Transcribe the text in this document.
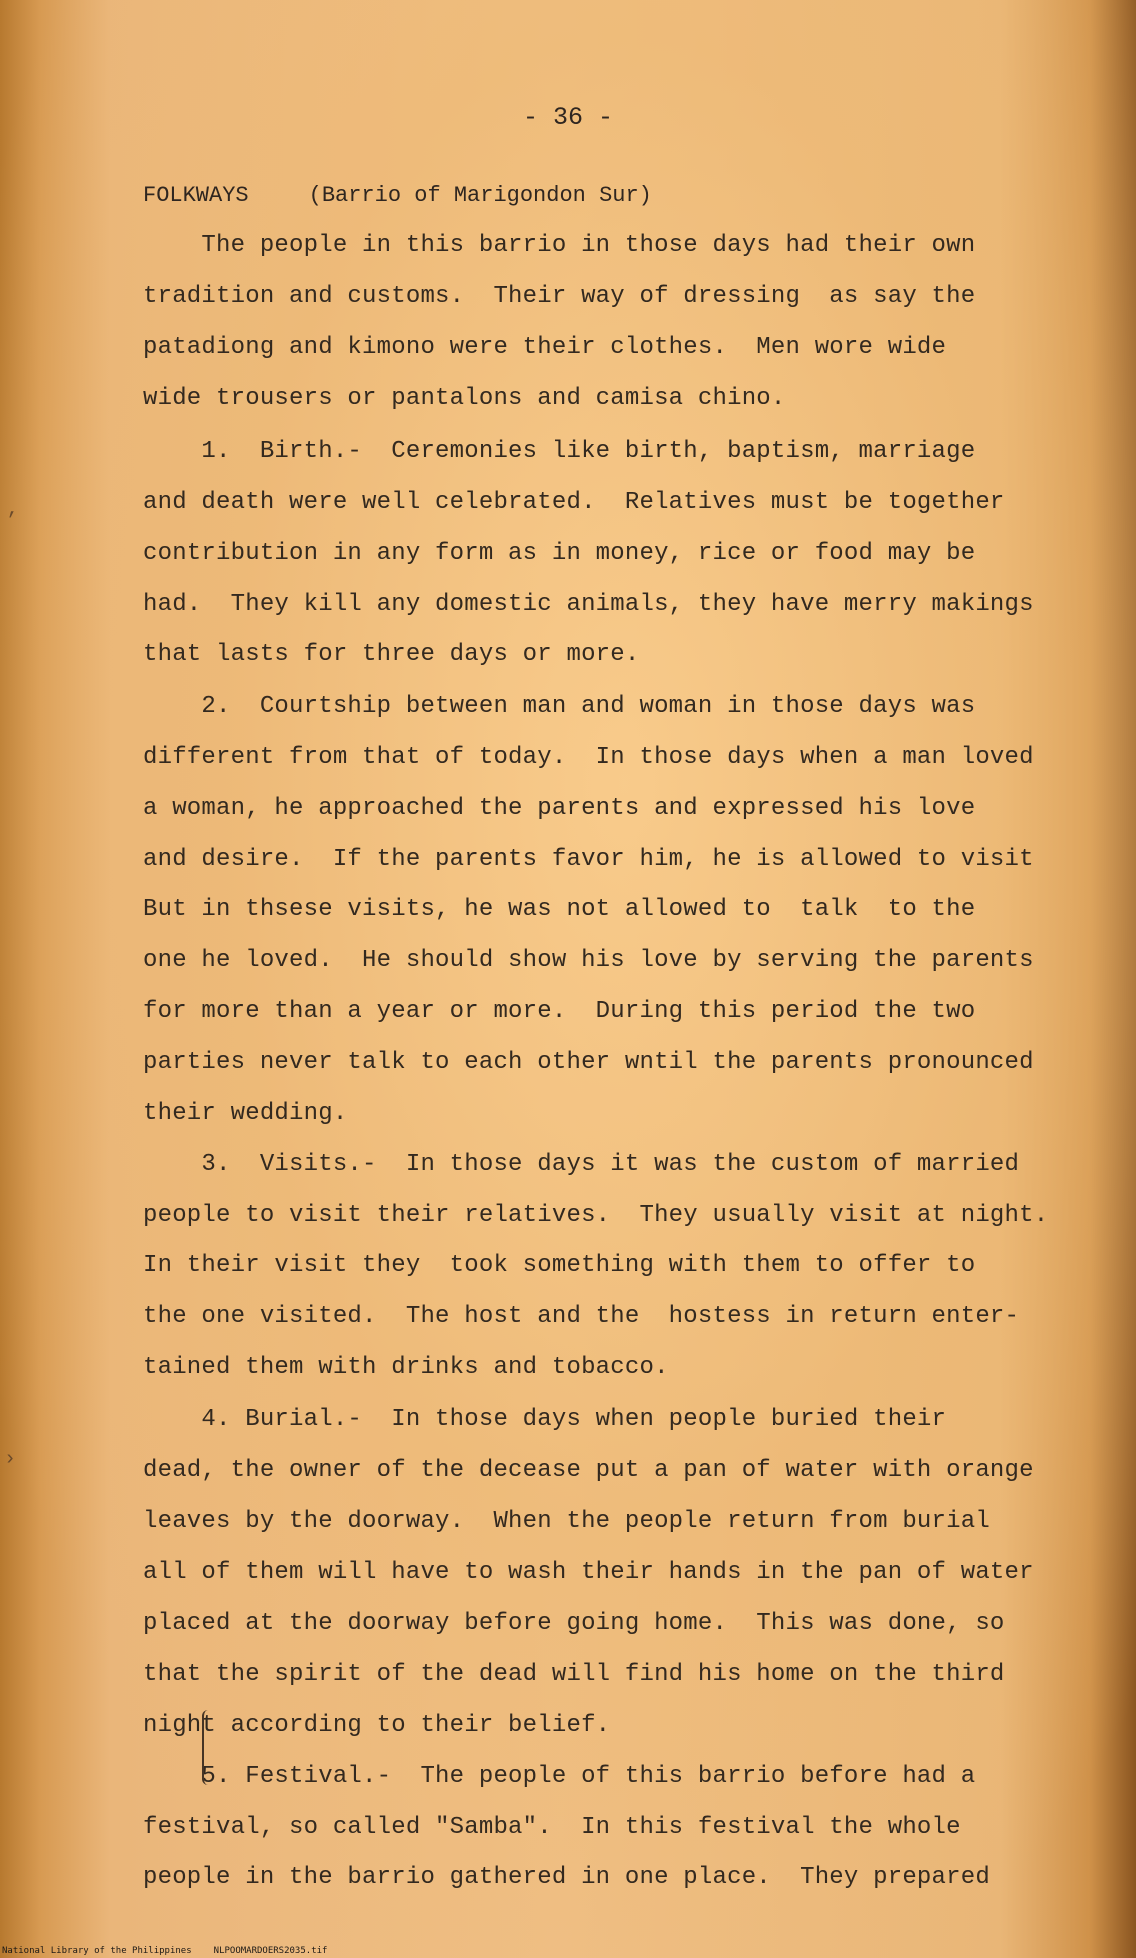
- 36 -
FOLKWAYS	(Barrio of Marigondon Sur)
The people in this barrio in those days had their own
tradition and customs.  Their way of dressing  as say the
patadiong and kimono were their clothes.  Men wore wide
wide trousers or pantalons and camisa chino.
1.  Birth.-  Ceremonies like birth, baptism, marriage
and death were well celebrated.  Relatives must be together
contribution in any form as in money, rice or food may be
had.  They kill any domestic animals, they have merry makings
that lasts for three days or more.
2.  Courtship between man and woman in those days was
different from that of today.  In those days when a man loved
a woman, he approached the parents and expressed his love
and desire.  If the parents favor him, he is allowed to visit
But in thsese visits, he was not allowed to  talk  to the
one he loved.  He should show his love by serving the parents
for more than a year or more.  During this period the two
parties never talk to each other wntil the parents pronounced
their wedding.
3.  Visits.-  In those days it was the custom of married
people to visit their relatives.  They usually visit at night.
In their visit they  took something with them to offer to
the one visited.  The host and the  hostess in return enter-
tained them with drinks and tobacco.
4. Burial.-  In those days when people buried their
dead, the owner of the decease put a pan of water with orange
leaves by the doorway.  When the people return from burial
all of them will have to wash their hands in the pan of water
placed at the doorway before going home.  This was done, so
that the spirit of the dead will find his home on the third
night according to their belief.
5. Festival.-  The people of this barrio before had a
festival, so called "Samba".  In this festival the whole
people in the barrio gathered in one place.  They prepared
‚
›
National Library of the Philippines NLPOOMARDOERS2035.tif
